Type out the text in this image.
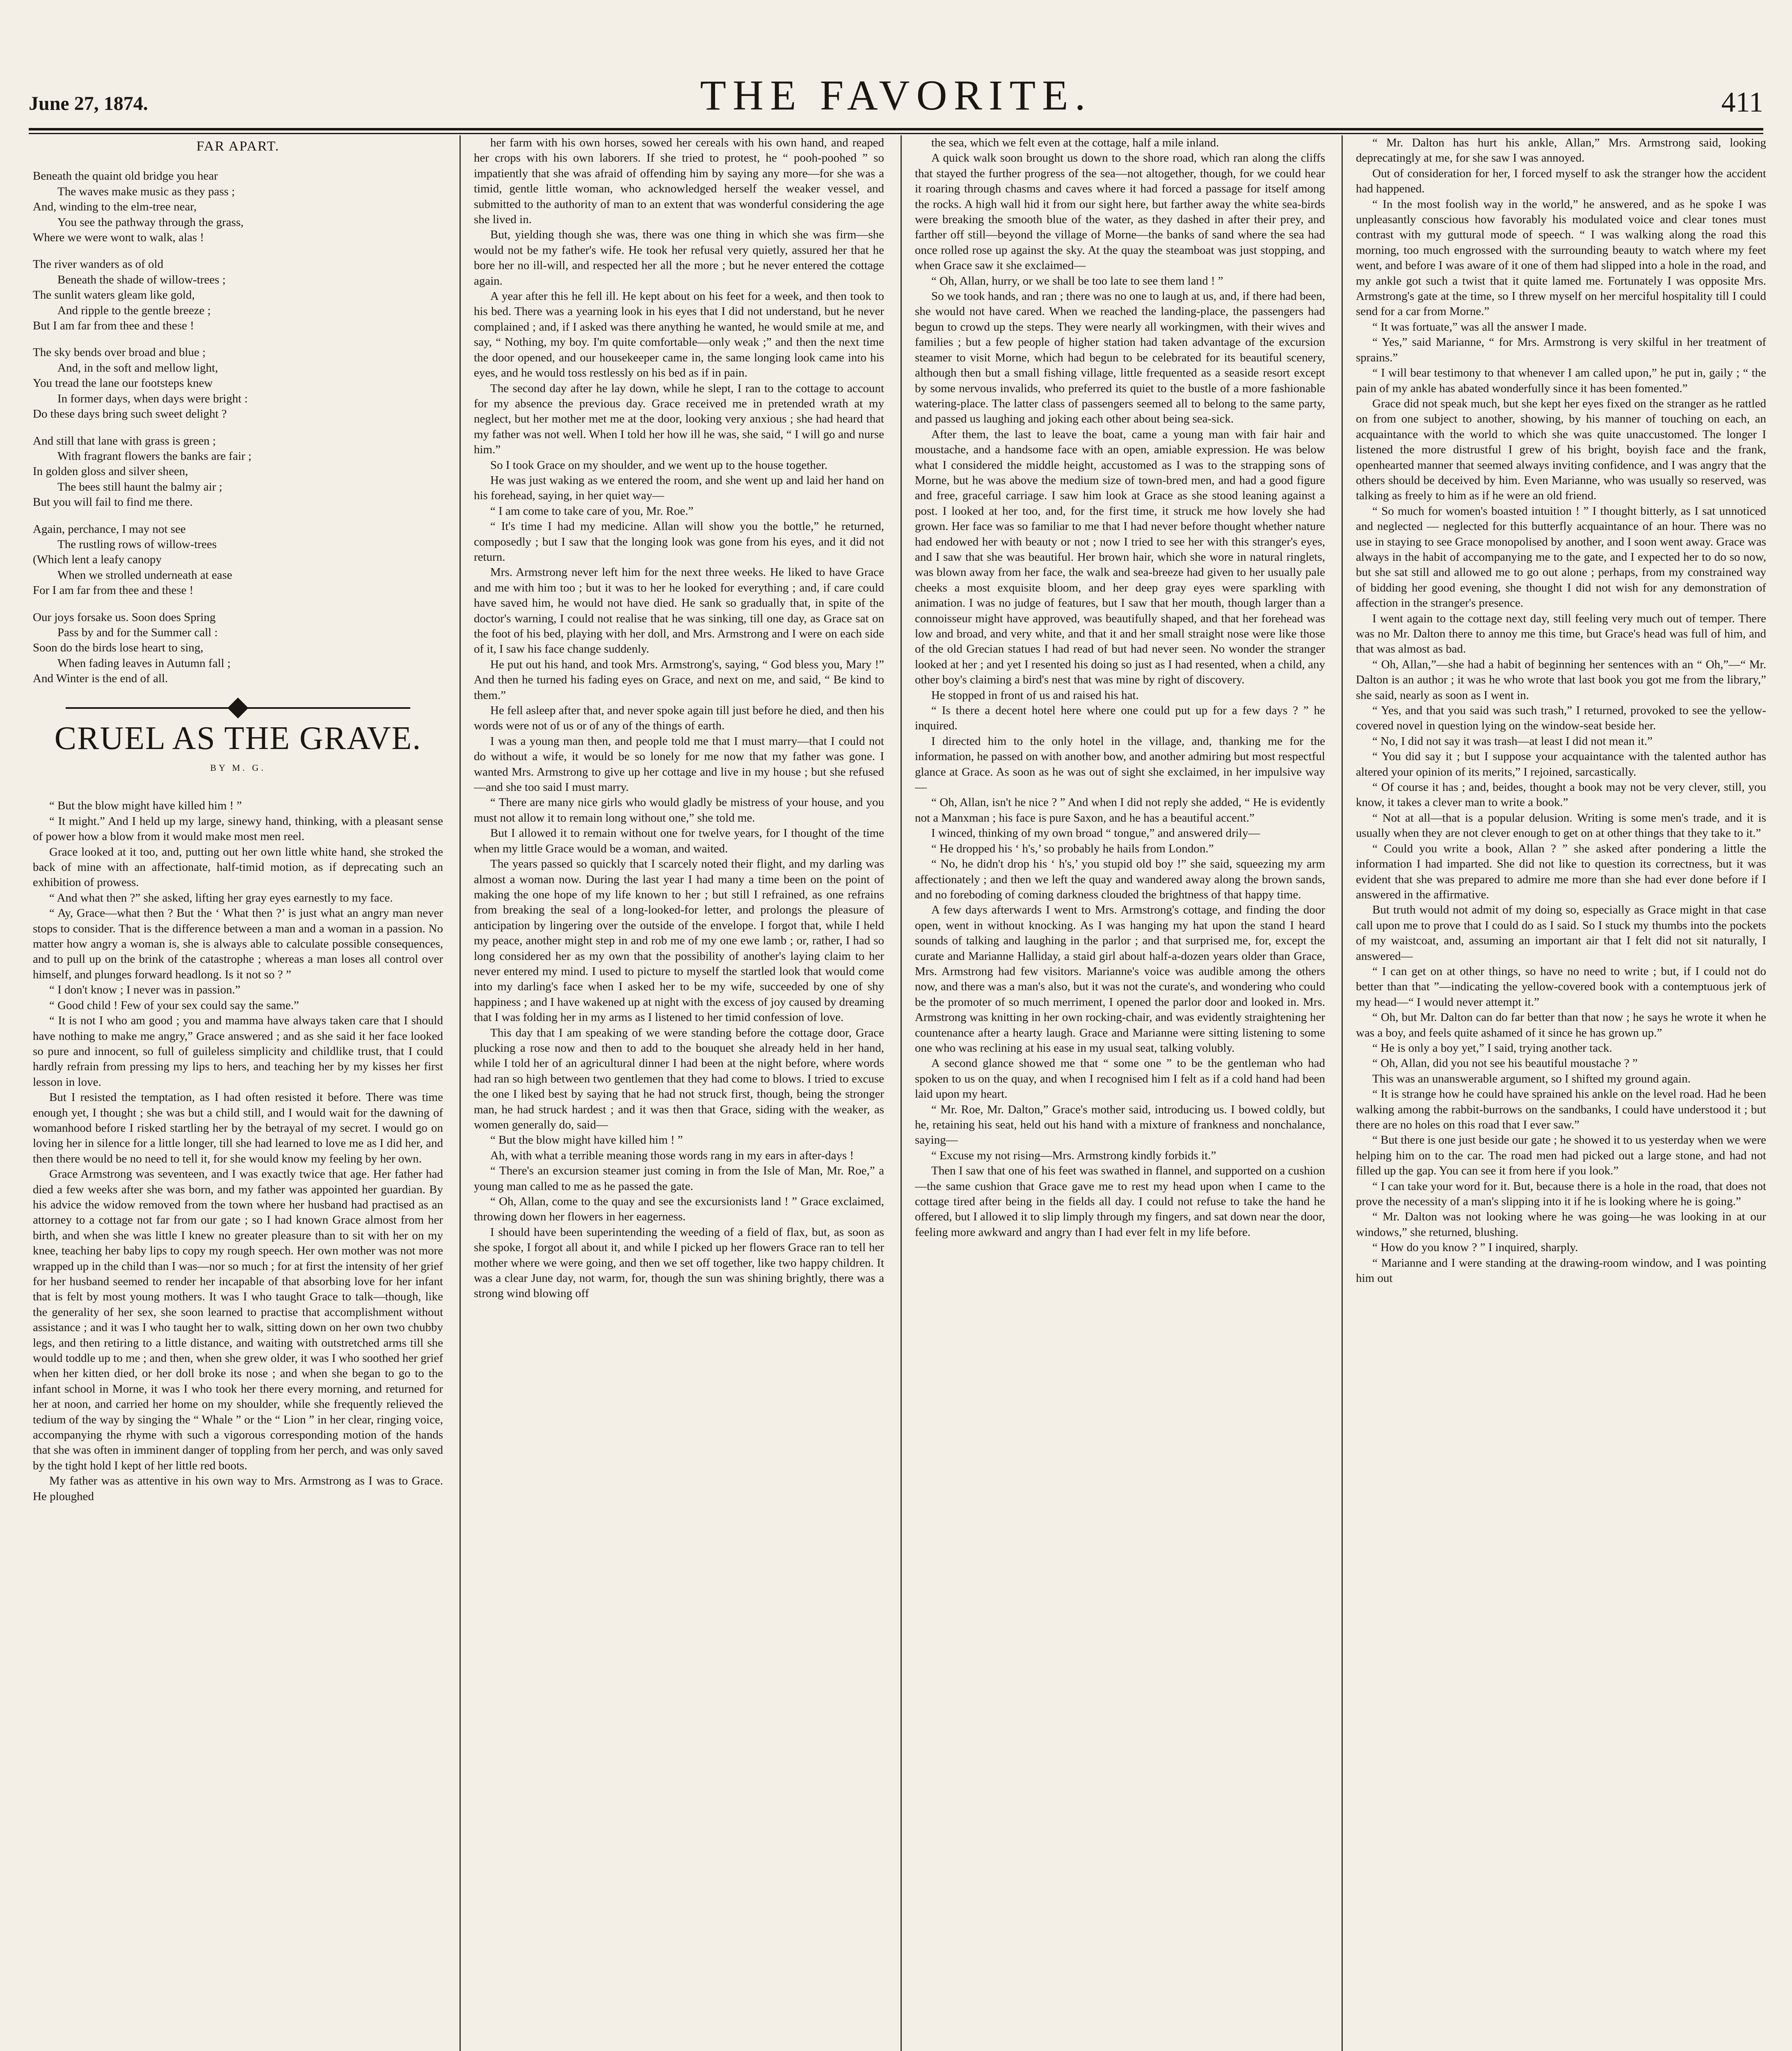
June 27, 1874.	THE FAVORITE.	411
FAR APART.
Beneath the quaint old bridge you hear
The waves make music as they pass ;
And, winding to the elm-tree near,
You see the pathway through the grass,
Where we were wont to walk, alas !
The river wanders as of old
Beneath the shade of willow-trees ;
The sunlit waters gleam like gold,
And ripple to the gentle breeze ;
But I am far from thee and these !
The sky bends over broad and blue ;
And, in the soft and mellow light,
You tread the lane our footsteps knew
In former days, when days were bright :
Do these days bring such sweet delight ?
And still that lane with grass is green ;
With fragrant flowers the banks are fair ;
In golden gloss and silver sheen,
The bees still haunt the balmy air ;
But you will fail to find me there.
Again, perchance, I may not see
The rustling rows of willow-trees
(Which lent a leafy canopy
When we strolled underneath at ease
For I am far from thee and these !
Our joys forsake us. Soon does Spring
Pass by and for the Summer call :
Soon do the birds lose heart to sing,
When fading leaves in Autumn fall ;
And Winter is the end of all.
CRUEL AS THE GRAVE.
BY M. G.

“ But the blow might have killed him ! ”

“ It might.” And I held up my large, sinewy hand, thinking, with a pleasant sense of power how a blow from it would make most men reel.

Grace looked at it too, and, putting out her own little white hand, she stroked the back of mine with an affectionate, half-timid motion, as if deprecating such an exhibition of prowess.

“ And what then ?” she asked, lifting her gray eyes earnestly to my face.

“ Ay, Grace—what then ? But the ‘ What then ?’ is just what an angry man never stops to consider. That is the difference between a man and a woman in a passion. No matter how angry a woman is, she is always able to calculate possible consequences, and to pull up on the brink of the catastrophe ; whereas a man loses all control over himself, and plunges forward headlong. Is it not so ? ”

“ I don't know ; I never was in passion.”

“ Good child ! Few of your sex could say the same.”

“ It is not I who am good ; you and mamma have always taken care that I should have nothing to make me angry,” Grace answered ; and as she said it her face looked so pure and innocent, so full of guileless simplicity and childlike trust, that I could hardly refrain from pressing my lips to hers, and teaching her by my kisses her first lesson in love.

But I resisted the temptation, as I had often resisted it before. There was time enough yet, I thought ; she was but a child still, and I would wait for the dawning of womanhood before I risked startling her by the betrayal of my secret. I would go on loving her in silence for a little longer, till she had learned to love me as I did her, and then there would be no need to tell it, for she would know my feeling by her own.

Grace Armstrong was seventeen, and I was exactly twice that age. Her father had died a few weeks after she was born, and my father was appointed her guardian. By his advice the widow removed from the town where her husband had practised as an attorney to a cottage not far from our gate ; so I had known Grace almost from her birth, and when she was little I knew no greater pleasure than to sit with her on my knee, teaching her baby lips to copy my rough speech. Her own mother was not more wrapped up in the child than I was—nor so much ; for at first the intensity of her grief for her husband seemed to render her incapable of that absorbing love for her infant that is felt by most young mothers. It was I who taught Grace to talk—though, like the generality of her sex, she soon learned to practise that accomplishment without assistance ; and it was I who taught her to walk, sitting down on her own two chubby legs, and then retiring to a little distance, and waiting with outstretched arms till she would toddle up to me ; and then, when she grew older, it was I who soothed her grief when her kitten died, or her doll broke its nose ; and when she began to go to the infant school in Morne, it was I who took her there every morning, and returned for her at noon, and carried her home on my shoulder, while she frequently relieved the tedium of the way by singing the “ Whale ” or the “ Lion ” in her clear, ringing voice, accompanying the rhyme with such a vigorous corresponding motion of the hands that she was often in imminent danger of toppling from her perch, and was only saved by the tight hold I kept of her little red boots.

My father was as attentive in his own way to Mrs. Armstrong as I was to Grace. He ploughed

her farm with his own horses, sowed her cereals with his own hand, and reaped her crops with his own laborers. If she tried to protest, he “ pooh-poohed ” so impatiently that she was afraid of offending him by saying any more—for she was a timid, gentle little woman, who acknowledged herself the weaker vessel, and submitted to the authority of man to an extent that was wonderful considering the age she lived in.

But, yielding though she was, there was one thing in which she was firm—she would not be my father's wife. He took her refusal very quietly, assured her that he bore her no ill-will, and respected her all the more ; but he never entered the cottage again.

A year after this he fell ill. He kept about on his feet for a week, and then took to his bed. There was a yearning look in his eyes that I did not understand, but he never complained ; and, if I asked was there anything he wanted, he would smile at me, and say, “ Nothing, my boy. I'm quite comfortable—only weak ;” and then the next time the door opened, and our housekeeper came in, the same longing look came into his eyes, and he would toss restlessly on his bed as if in pain.

The second day after he lay down, while he slept, I ran to the cottage to account for my absence the previous day. Grace received me in pretended wrath at my neglect, but her mother met me at the door, looking very anxious ; she had heard that my father was not well. When I told her how ill he was, she said, “ I will go and nurse him.”

So I took Grace on my shoulder, and we went up to the house together.

He was just waking as we entered the room, and she went up and laid her hand on his forehead, saying, in her quiet way—

“ I am come to take care of you, Mr. Roe.”

“ It's time I had my medicine. Allan will show you the bottle,” he returned, composedly ; but I saw that the longing look was gone from his eyes, and it did not return.

Mrs. Armstrong never left him for the next three weeks. He liked to have Grace and me with him too ; but it was to her he looked for everything ; and, if care could have saved him, he would not have died. He sank so gradually that, in spite of the doctor's warning, I could not realise that he was sinking, till one day, as Grace sat on the foot of his bed, playing with her doll, and Mrs. Armstrong and I were on each side of it, I saw his face change suddenly.

He put out his hand, and took Mrs. Armstrong's, saying, “ God bless you, Mary !” And then he turned his fading eyes on Grace, and next on me, and said, “ Be kind to them.”

He fell asleep after that, and never spoke again till just before he died, and then his words were not of us or of any of the things of earth.

I was a young man then, and people told me that I must marry—that I could not do without a wife, it would be so lonely for me now that my father was gone. I wanted Mrs. Armstrong to give up her cottage and live in my house ; but she refused—and she too said I must marry.

“ There are many nice girls who would gladly be mistress of your house, and you must not allow it to remain long without one,” she told me.

But I allowed it to remain without one for twelve years, for I thought of the time when my little Grace would be a woman, and waited.

The years passed so quickly that I scarcely noted their flight, and my darling was almost a woman now. During the last year I had many a time been on the point of making the one hope of my life known to her ; but still I refrained, as one refrains from breaking the seal of a long-looked-for letter, and prolongs the pleasure of anticipation by lingering over the outside of the envelope. I forgot that, while I held my peace, another might step in and rob me of my one ewe lamb ; or, rather, I had so long considered her as my own that the possibility of another's laying claim to her never entered my mind. I used to picture to myself the startled look that would come into my darling's face when I asked her to be my wife, succeeded by one of shy happiness ; and I have wakened up at night with the excess of joy caused by dreaming that I was folding her in my arms as I listened to her timid confession of love.

This day that I am speaking of we were standing before the cottage door, Grace plucking a rose now and then to add to the bouquet she already held in her hand, while I told her of an agricultural dinner I had been at the night before, where words had ran so high between two gentlemen that they had come to blows. I tried to excuse the one I liked best by saying that he had not struck first, though, being the stronger man, he had struck hardest ; and it was then that Grace, siding with the weaker, as women generally do, said—

“ But the blow might have killed him ! ”

Ah, with what a terrible meaning those words rang in my ears in after-days !

“ There's an excursion steamer just coming in from the Isle of Man, Mr. Roe,” a young man called to me as he passed the gate.

“ Oh, Allan, come to the quay and see the excursionists land ! ” Grace exclaimed, throwing down her flowers in her eagerness.

I should have been superintending the weeding of a field of flax, but, as soon as she spoke, I forgot all about it, and while I picked up her flowers Grace ran to tell her mother where we were going, and then we set off together, like two happy children. It was a clear June day, not warm, for, though the sun was shining brightly, there was a strong wind blowing off

the sea, which we felt even at the cottage, half a mile inland.

A quick walk soon brought us down to the shore road, which ran along the cliffs that stayed the further progress of the sea—not altogether, though, for we could hear it roaring through chasms and caves where it had forced a passage for itself among the rocks. A high wall hid it from our sight here, but farther away the white sea-birds were breaking the smooth blue of the water, as they dashed in after their prey, and farther off still—beyond the village of Morne—the banks of sand where the sea had once rolled rose up against the sky. At the quay the steamboat was just stopping, and when Grace saw it she exclaimed—

“ Oh, Allan, hurry, or we shall be too late to see them land ! ”

So we took hands, and ran ; there was no one to laugh at us, and, if there had been, she would not have cared. When we reached the landing-place, the passengers had begun to crowd up the steps. They were nearly all workingmen, with their wives and families ; but a few people of higher station had taken advantage of the excursion steamer to visit Morne, which had begun to be celebrated for its beautiful scenery, although then but a small fishing village, little frequented as a seaside resort except by some nervous invalids, who preferred its quiet to the bustle of a more fashionable watering-place. The latter class of passengers seemed all to belong to the same party, and passed us laughing and joking each other about being sea-sick.

After them, the last to leave the boat, came a young man with fair hair and moustache, and a handsome face with an open, amiable expression. He was below what I considered the middle height, accustomed as I was to the strapping sons of Morne, but he was above the medium size of town-bred men, and had a good figure and free, graceful carriage. I saw him look at Grace as she stood leaning against a post. I looked at her too, and, for the first time, it struck me how lovely she had grown. Her face was so familiar to me that I had never before thought whether nature had endowed her with beauty or not ; now I tried to see her with this stranger's eyes, and I saw that she was beautiful. Her brown hair, which she wore in natural ringlets, was blown away from her face, the walk and sea-breeze had given to her usually pale cheeks a most exquisite bloom, and her deep gray eyes were sparkling with animation. I was no judge of features, but I saw that her mouth, though larger than a connoisseur might have approved, was beautifully shaped, and that her forehead was low and broad, and very white, and that it and her small straight nose were like those of the old Grecian statues I had read of but had never seen. No wonder the stranger looked at her ; and yet I resented his doing so just as I had resented, when a child, any other boy's claiming a bird's nest that was mine by right of discovery.

He stopped in front of us and raised his hat.

“ Is there a decent hotel here where one could put up for a few days ? ” he inquired.

I directed him to the only hotel in the village, and, thanking me for the information, he passed on with another bow, and another admiring but most respectful glance at Grace. As soon as he was out of sight she exclaimed, in her impulsive way—

“ Oh, Allan, isn't he nice ? ” And when I did not reply she added, “ He is evidently not a Manxman ; his face is pure Saxon, and he has a beautiful accent.”

I winced, thinking of my own broad “ tongue,” and answered drily—

“ He dropped his ‘ h's,’ so probably he hails from London.”

“ No, he didn't drop his ‘ h's,’ you stupid old boy !” she said, squeezing my arm affectionately ; and then we left the quay and wandered away along the brown sands, and no foreboding of coming darkness clouded the brightness of that happy time.

A few days afterwards I went to Mrs. Armstrong's cottage, and finding the door open, went in without knocking. As I was hanging my hat upon the stand I heard sounds of talking and laughing in the parlor ; and that surprised me, for, except the curate and Marianne Halliday, a staid girl about half-a-dozen years older than Grace, Mrs. Armstrong had few visitors. Marianne's voice was audible among the others now, and there was a man's also, but it was not the curate's, and wondering who could be the promoter of so much merriment, I opened the parlor door and looked in. Mrs. Armstrong was knitting in her own rocking-chair, and was evidently straightening her countenance after a hearty laugh. Grace and Marianne were sitting listening to some one who was reclining at his ease in my usual seat, talking volubly.

A second glance showed me that “ some one ” to be the gentleman who had spoken to us on the quay, and when I recognised him I felt as if a cold hand had been laid upon my heart.

“ Mr. Roe, Mr. Dalton,” Grace's mother said, introducing us. I bowed coldly, but he, retaining his seat, held out his hand with a mixture of frankness and nonchalance, saying—

“ Excuse my not rising—Mrs. Armstrong kindly forbids it.”

Then I saw that one of his feet was swathed in flannel, and supported on a cushion—the same cushion that Grace gave me to rest my head upon when I came to the cottage tired after being in the fields all day. I could not refuse to take the hand he offered, but I allowed it to slip limply through my fingers, and sat down near the door, feeling more awkward and angry than I had ever felt in my life before.

“ Mr. Dalton has hurt his ankle, Allan,” Mrs. Armstrong said, looking deprecatingly at me, for she saw I was annoyed.

Out of consideration for her, I forced myself to ask the stranger how the accident had happened.

“ In the most foolish way in the world,” he answered, and as he spoke I was unpleasantly conscious how favorably his modulated voice and clear tones must contrast with my guttural mode of speech. “ I was walking along the road this morning, too much engrossed with the surrounding beauty to watch where my feet went, and before I was aware of it one of them had slipped into a hole in the road, and my ankle got such a twist that it quite lamed me. Fortunately I was opposite Mrs. Armstrong's gate at the time, so I threw myself on her merciful hospitality till I could send for a car from Morne.”

“ It was fortuate,” was all the answer I made.

“ Yes,” said Marianne, “ for Mrs. Armstrong is very skilful in her treatment of sprains.”

“ I will bear testimony to that whenever I am called upon,” he put in, gaily ; “ the pain of my ankle has abated wonderfully since it has been fomented.”

Grace did not speak much, but she kept her eyes fixed on the stranger as he rattled on from one subject to another, showing, by his manner of touching on each, an acquaintance with the world to which she was quite unaccustomed. The longer I listened the more distrustful I grew of his bright, boyish face and the frank, openhearted manner that seemed always inviting confidence, and I was angry that the others should be deceived by him. Even Marianne, who was usually so reserved, was talking as freely to him as if he were an old friend.

“ So much for women's boasted intuition ! ” I thought bitterly, as I sat unnoticed and neglected — neglected for this butterfly acquaintance of an hour. There was no use in staying to see Grace monopolised by another, and I soon went away. Grace was always in the habit of accompanying me to the gate, and I expected her to do so now, but she sat still and allowed me to go out alone ; perhaps, from my constrained way of bidding her good evening, she thought I did not wish for any demonstration of affection in the stranger's presence.

I went again to the cottage next day, still feeling very much out of temper. There was no Mr. Dalton there to annoy me this time, but Grace's head was full of him, and that was almost as bad.

“ Oh, Allan,”—she had a habit of beginning her sentences with an “ Oh,”—“ Mr. Dalton is an author ; it was he who wrote that last book you got me from the library,” she said, nearly as soon as I went in.

“ Yes, and that you said was such trash,” I returned, provoked to see the yellow-covered novel in question lying on the window-seat beside her.

“ No, I did not say it was trash—at least I did not mean it.”

“ You did say it ; but I suppose your acquaintance with the talented author has altered your opinion of its merits,” I rejoined, sarcastically.

“ Of course it has ; and, beides, thought a book may not be very clever, still, you know, it takes a clever man to write a book.”

“ Not at all—that is a popular delusion. Writing is some men's trade, and it is usually when they are not clever enough to get on at other things that they take to it.”

“ Could you write a book, Allan ? ” she asked after pondering a little the information I had imparted. She did not like to question its correctness, but it was evident that she was prepared to admire me more than she had ever done before if I answered in the affirmative.

But truth would not admit of my doing so, especially as Grace might in that case call upon me to prove that I could do as I said. So I stuck my thumbs into the pockets of my waistcoat, and, assuming an important air that I felt did not sit naturally, I answered—

“ I can get on at other things, so have no need to write ; but, if I could not do better than that ”—indicating the yellow-covered book with a contemptuous jerk of my head—“ I would never attempt it.”

“ Oh, but Mr. Dalton can do far better than that now ; he says he wrote it when he was a boy, and feels quite ashamed of it since he has grown up.”

“ He is only a boy yet,” I said, trying another tack.

“ Oh, Allan, did you not see his beautiful moustache ? ”

This was an unanswerable argument, so I shifted my ground again.

“ It is strange how he could have sprained his ankle on the level road. Had he been walking among the rabbit-burrows on the sandbanks, I could have understood it ; but there are no holes on this road that I ever saw.”

“ But there is one just beside our gate ; he showed it to us yesterday when we were helping him on to the car. The road men had picked out a large stone, and had not filled up the gap. You can see it from here if you look.”

“ I can take your word for it. But, because there is a hole in the road, that does not prove the necessity of a man's slipping into it if he is looking where he is going.”

“ Mr. Dalton was not looking where he was going—he was looking in at our windows,” she returned, blushing.

“ How do you know ? ” I inquired, sharply.

“ Marianne and I were standing at the drawing-room window, and I was pointing him out
